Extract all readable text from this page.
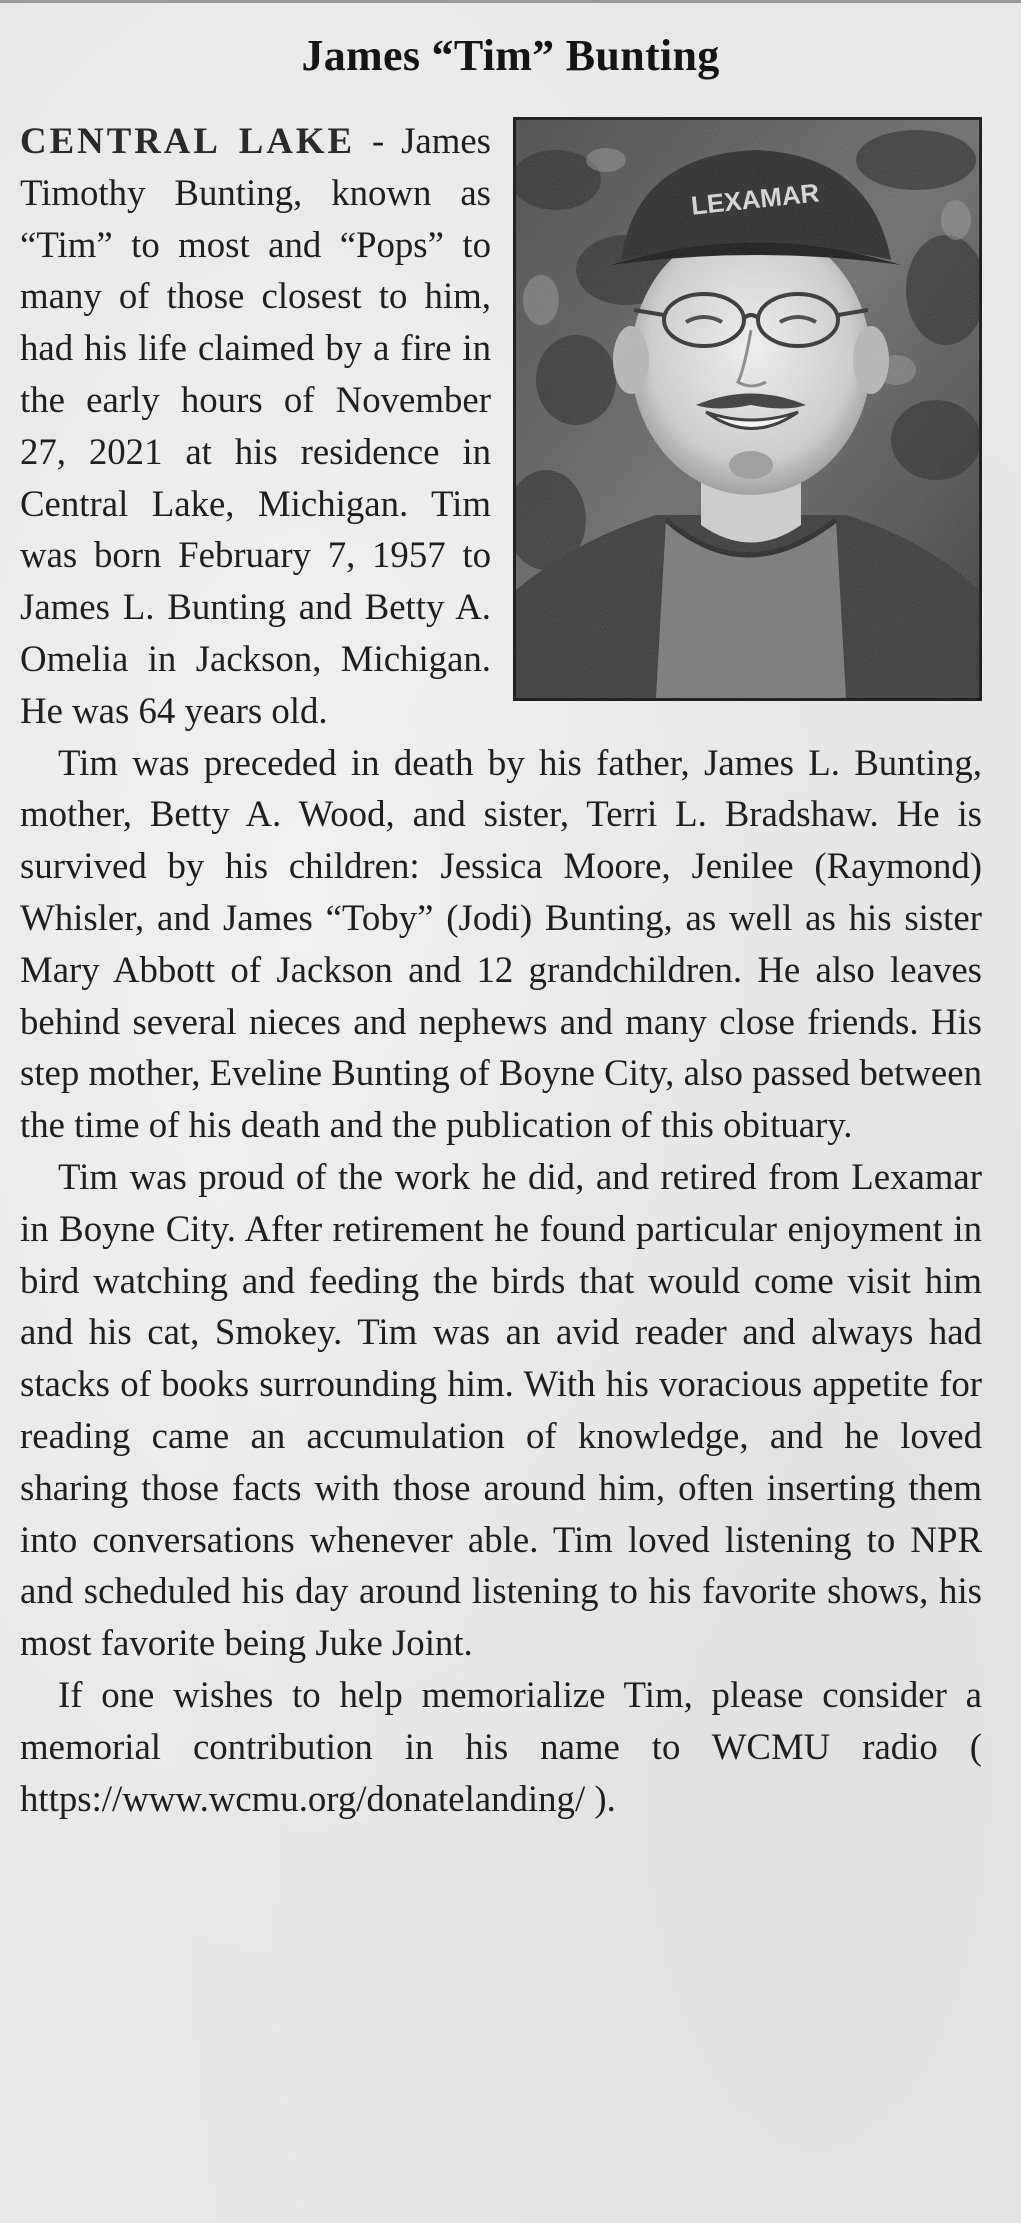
James “Tim” Bunting

CENTRAL LAKE - James Timothy Bunting, known as “Tim” to most and “Pops” to many of those closest to him, had his life claimed by a fire in the early hours of November 27, 2021 at his residence in Central Lake, Michigan. Tim was born February 7, 1957 to James L. Bunting and Betty A. Omelia in Jackson, Michigan. He was 64 years old.

Tim was preceded in death by his father, James L. Bunting, mother, Betty A. Wood, and sister, Terri L. Bradshaw. He is survived by his children: Jessica Moore, Jenilee (Raymond) Whisler, and James “Toby” (Jodi) Bunting, as well as his sister Mary Abbott of Jackson and 12 grandchildren. He also leaves behind several nieces and nephews and many close friends. His step mother, Eveline Bunting of Boyne City, also passed between the time of his death and the publication of this obituary.

Tim was proud of the work he did, and retired from Lexamar in Boyne City. After retirement he found particular enjoyment in bird watching and feeding the birds that would come visit him and his cat, Smokey. Tim was an avid reader and always had stacks of books surrounding him. With his voracious appetite for reading came an accumulation of knowledge, and he loved sharing those facts with those around him, often inserting them into conversations whenever able. Tim loved listening to NPR and scheduled his day around listening to his favorite shows, his most favorite being Juke Joint.

If one wishes to help memorialize Tim, please consider a memorial contribution in his name to WCMU radio ( https://www.wcmu.org/donatelanding/ ).
